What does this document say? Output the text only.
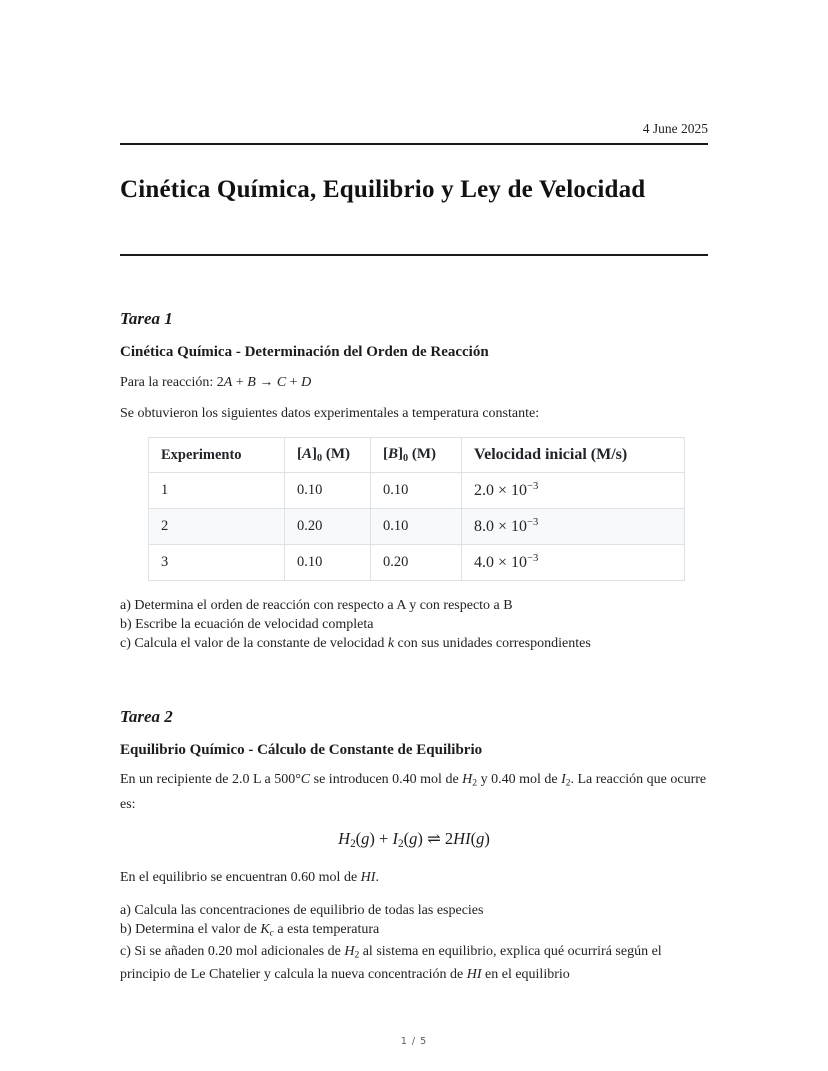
4 June 2025
Cinética Química, Equilibrio y Ley de Velocidad
Tarea 1
Cinética Química - Determinación del Orden de Reacción
Para la reacción: 2A + B → C + D
Se obtuvieron los siguientes datos experimentales a temperatura constante:
Experimento	[A]0 (M)	[B]0 (M)	Velocidad inicial (M/s)
1	0.10	0.10	$2.0 \times 10^{-3}$
2	0.20	0.10	$8.0 \times 10^{-3}$
3	0.10	0.20	$4.0 \times 10^{-3}$
a) Determina el orden de reacción con respecto a A y con respecto a B
b) Escribe la ecuación de velocidad completa
c) Calcula el valor de la constante de velocidad k con sus unidades correspondientes
Tarea 2
Equilibrio Químico - Cálculo de Constante de Equilibrio
En un recipiente de 2.0 L a 500°C se introducen 0.40 mol de H2 y 0.40 mol de I2. La reacción que ocurre es:
H2(g) + I2(g) ⇌ 2HI(g)
En el equilibrio se encuentran 0.60 mol de HI.
a) Calcula las concentraciones de equilibrio de todas las especies
b) Determina el valor de Kc a esta temperatura
c) Si se añaden 0.20 mol adicionales de H2 al sistema en equilibrio, explica qué ocurrirá según el principio de Le Chatelier y calcula la nueva concentración de HI en el equilibrio
1 / 5
